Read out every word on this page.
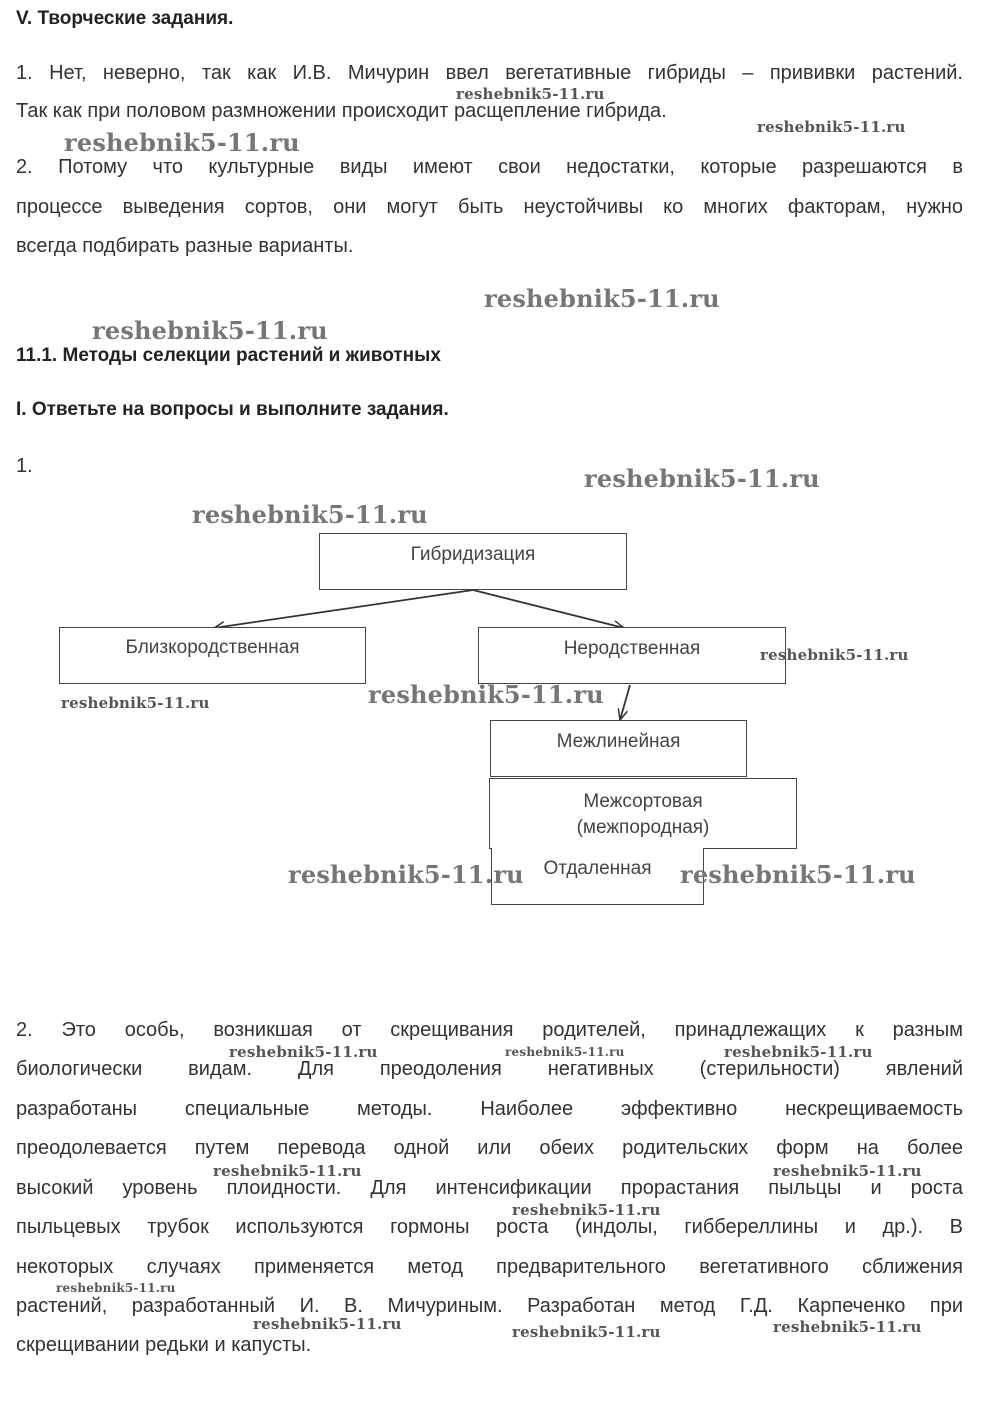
V. Творческие задания.
1. Нет, неверно, так как И.В. Мичурин ввел вегетативные гибриды – прививки растений.
Так как при половом размножении происходит расщепление гибрида.
2. Потому что культурные виды имеют свои недостатки, которые разрешаются в
процессе выведения сортов, они могут быть неустойчивы ко многих факторам, нужно
всегда подбирать разные варианты.
11.1. Методы селекции растений и животных
I. Ответьте на вопросы и выполните задания.
1.
Гибридизация
Близкородственная	Неродственная
Межлинейная
Межсортовая
(межпородная)
Отдаленная
2. Это особь, возникшая от скрещивания родителей, принадлежащих к разным
биологически видам. Для преодоления негативных (стерильности) явлений
разработаны специальные методы. Наиболее эффективно нескрещиваемость
преодолевается путем перевода одной или обеих родительских форм на более
высокий уровень плоидности. Для интенсификации прорастания пыльцы и роста
пыльцевых трубок используются гормоны роста (индолы, гиббереллины и др.). В
некоторых случаях применяется метод предварительного вегетативного сближения
растений, разработанный И. В. Мичуриным. Разработан метод Г.Д. Карпеченко при
скрещивании редьки и капусты.
reshebnik5-11.ru
reshebnik5-11.ru
reshebnik5-11.ru
reshebnik5-11.ru
reshebnik5-11.ru
reshebnik5-11.ru
reshebnik5-11.ru
reshebnik5-11.ru
reshebnik5-11.ru	reshebnik5-11.ru
reshebnik5-11.ru	reshebnik5-11.ru
reshebnik5-11.ru	reshebnik5-11.ru	reshebnik5-11.ru
reshebnik5-11.ru	reshebnik5-11.ru
reshebnik5-11.ru
reshebnik5-11.ru
reshebnik5-11.ru	reshebnik5-11.ru	reshebnik5-11.ru
